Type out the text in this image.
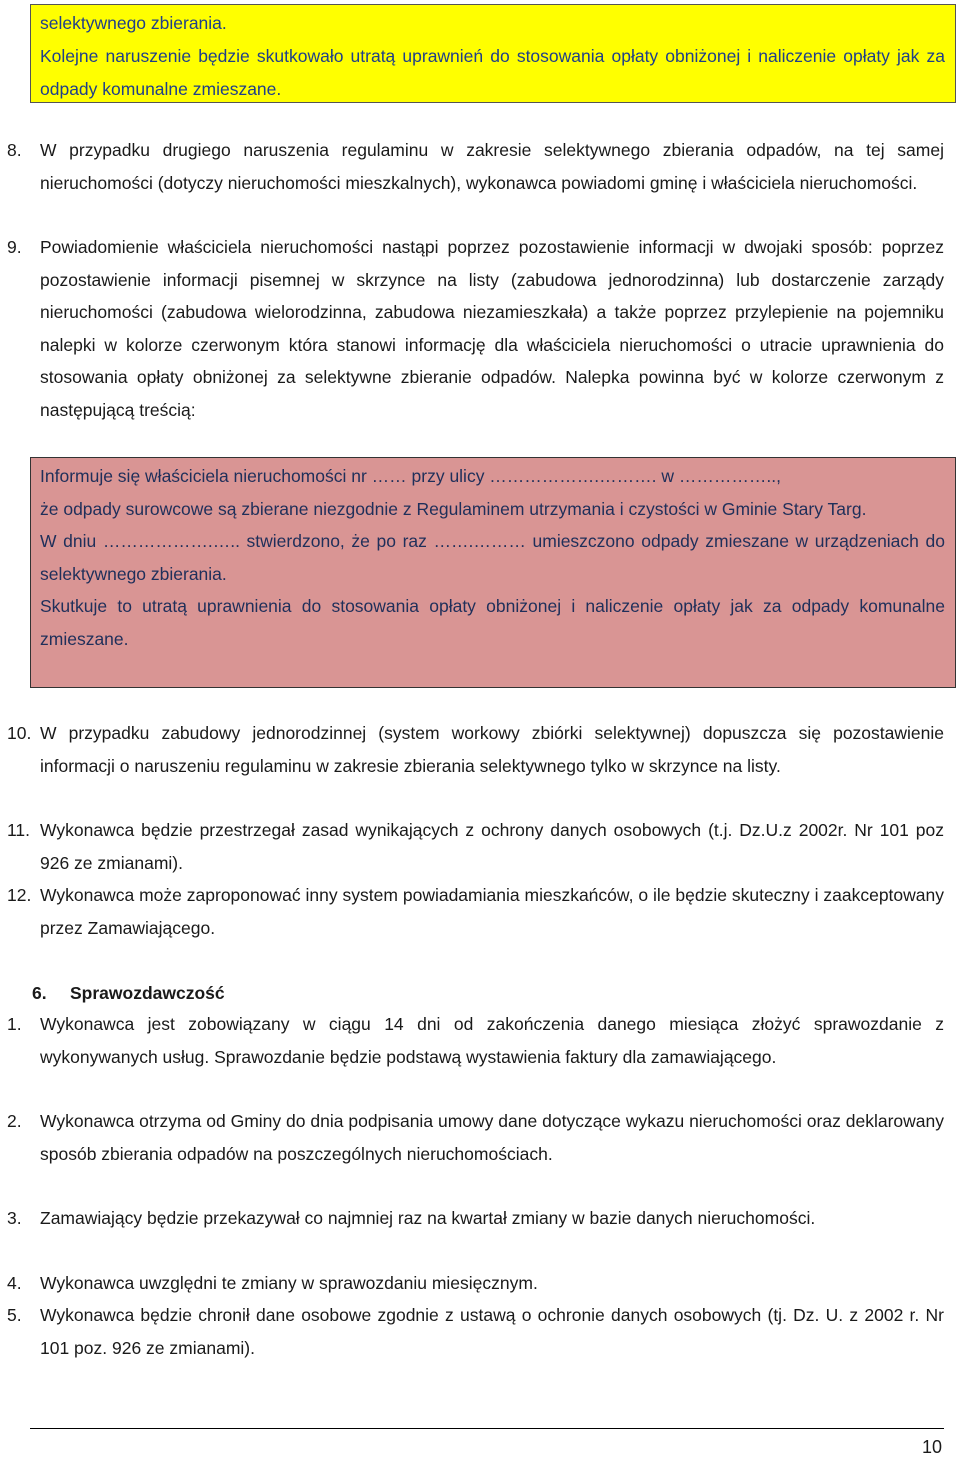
selektywnego zbierania.

Kolejne naruszenie będzie skutkowało utratą uprawnień do stosowania opłaty obniżonej i naliczenie opłaty jak za odpady komunalne zmieszane.

8. W przypadku drugiego naruszenia regulaminu w zakresie selektywnego zbierania odpadów, na tej samej nieruchomości (dotyczy nieruchomości mieszkalnych), wykonawca powiadomi gminę i właściciela nieruchomości.

9. Powiadomienie właściciela nieruchomości nastąpi poprzez pozostawienie informacji w dwojaki sposób: poprzez pozostawienie informacji pisemnej w skrzynce na listy (zabudowa jednorodzinna) lub dostarczenie zarządy nieruchomości (zabudowa wielorodzinna, zabudowa niezamieszkała) a także poprzez przylepienie na pojemniku nalepki w kolorze czerwonym która stanowi informację dla właściciela nieruchomości o utracie uprawnienia do stosowania opłaty obniżonej za selektywne zbieranie odpadów. Nalepka powinna być w kolorze czerwonym z następującą treścią:

Informuje się właściciela nieruchomości nr …… przy ulicy ……………….………. w ……………..,

że odpady surowcowe są zbierane niezgodnie z Regulaminem utrzymania i czystości w Gminie Stary Targ.

W dniu ……………….….. stwierdzono, że po raz …….……… umieszczono odpady zmieszane w urządzeniach do selektywnego zbierania.

Skutkuje to utratą uprawnienia do stosowania opłaty obniżonej i naliczenie opłaty jak za odpady komunalne zmieszane.

10. W przypadku zabudowy jednorodzinnej (system workowy zbiórki selektywnej) dopuszcza się pozostawienie informacji o naruszeniu regulaminu w zakresie zbierania selektywnego tylko w skrzynce na listy.

11. Wykonawca będzie przestrzegał zasad wynikających z ochrony danych osobowych (t.j. Dz.U.z 2002r. Nr 101 poz 926 ze zmianami).

12. Wykonawca może zaproponować inny system powiadamiania mieszkańców, o ile będzie skuteczny i zaakceptowany przez Zamawiającego.

6. Sprawozdawczość
1. Wykonawca jest zobowiązany w ciągu 14 dni od zakończenia danego miesiąca złożyć sprawozdanie z wykonywanych usług. Sprawozdanie będzie podstawą wystawienia faktury dla zamawiającego.

2. Wykonawca otrzyma od Gminy do dnia podpisania umowy dane dotyczące wykazu nieruchomości oraz deklarowany sposób zbierania odpadów na poszczególnych nieruchomościach.

3. Zamawiający będzie przekazywał co najmniej raz na kwartał zmiany w bazie danych nieruchomości.

4. Wykonawca uwzględni te zmiany w sprawozdaniu miesięcznym.

5. Wykonawca będzie chronił dane osobowe zgodnie z ustawą o ochronie danych osobowych (tj. Dz. U. z 2002 r. Nr 101 poz. 926 ze zmianami).

10
